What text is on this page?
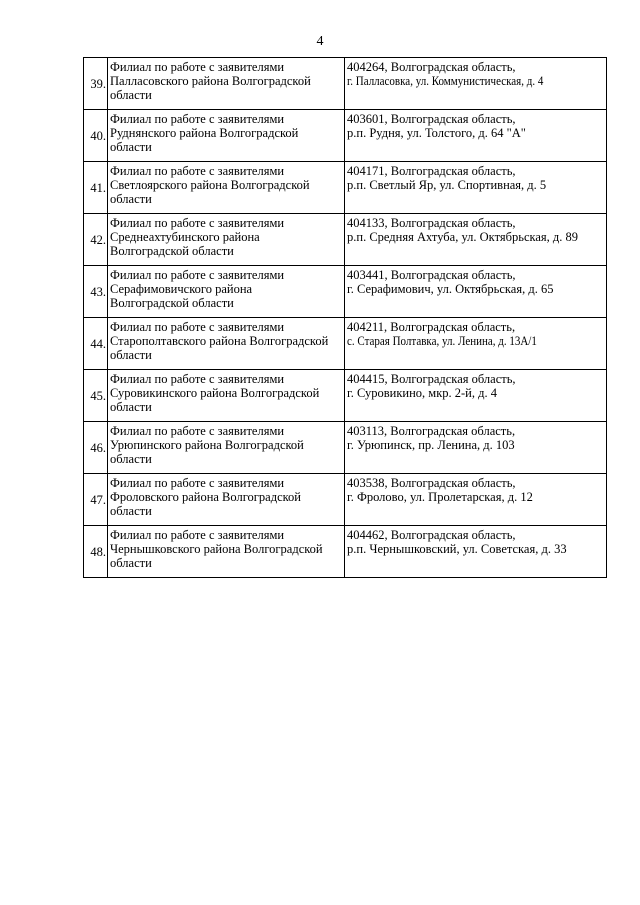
4
39.	Филиал по работе с заявителями
Палласовского района Волгоградской
области	404264, Волгоградская область,
г. Палласовка, ул. Коммунистическая, д. 4

40.	Филиал по работе с заявителями
Руднянского района Волгоградской
области	403601, Волгоградская область,
р.п. Рудня, ул. Толстого, д. 64 "А"

41.	Филиал по работе с заявителями
Светлоярского района Волгоградской
области	404171, Волгоградская область,
р.п. Светлый Яр, ул. Спортивная, д. 5

42.	Филиал по работе с заявителями
Среднеахтубинского района
Волгоградской области	404133, Волгоградская область,
р.п. Средняя Ахтуба, ул. Октябрьская, д. 89

43.	Филиал по работе с заявителями
Серафимовичского района
Волгоградской области	403441, Волгоградская область,
г. Серафимович, ул. Октябрьская, д. 65

44.	Филиал по работе с заявителями
Старополтавского района Волгоградской
области	404211, Волгоградская область,
с. Старая Полтавка, ул. Ленина, д. 13А/1

45.	Филиал по работе с заявителями
Суровикинского района Волгоградской
области	404415, Волгоградская область,
г. Суровикино, мкр. 2-й, д. 4

46.	Филиал по работе с заявителями
Урюпинского района Волгоградской
области	403113, Волгоградская область,
г. Урюпинск, пр. Ленина, д. 103

47.	Филиал по работе с заявителями
Фроловского района Волгоградской
области	403538, Волгоградская область,
г. Фролово, ул. Пролетарская, д. 12

48.	Филиал по работе с заявителями
Чернышковского района Волгоградской
области	404462, Волгоградская область,
р.п. Чернышковский, ул. Советская, д. 33
